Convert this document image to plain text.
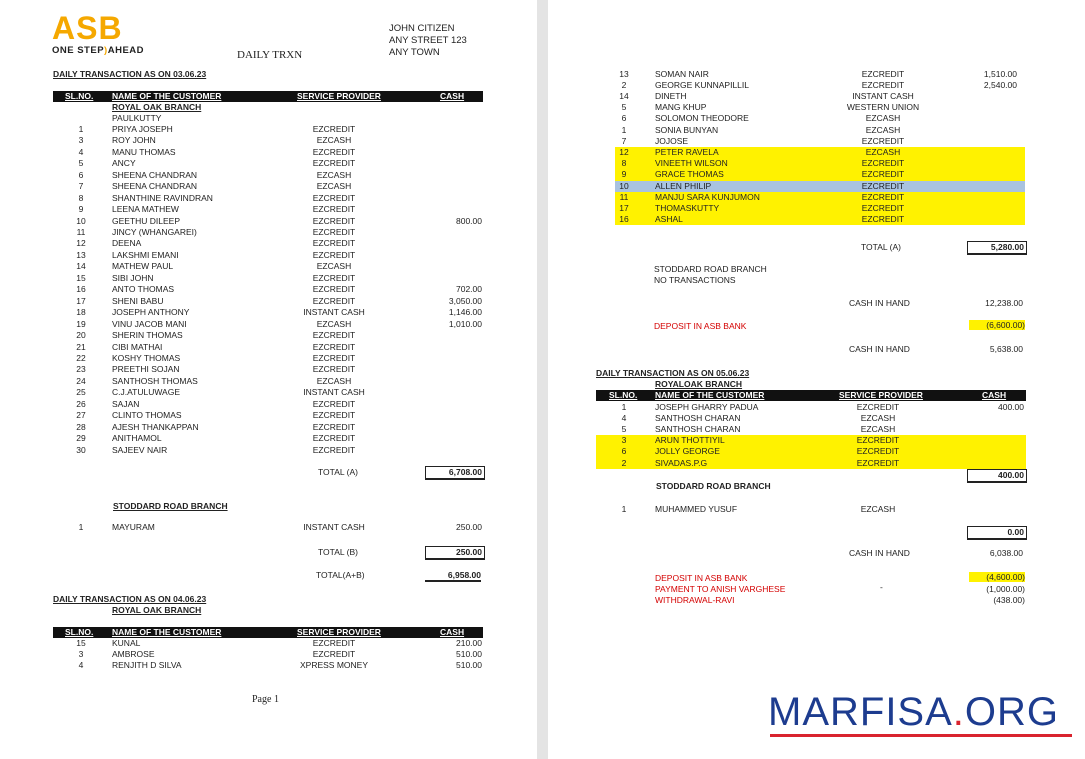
ASB
ONE STEP)AHEAD	DAILY TRXN
JOHN CITIZEN
ANY STREET 123
ANY TOWN
DAILY TRANSACTION AS ON 03.06.23
SL.NO. NAME OF THE CUSTOMER	SERVICE PROVIDER	CASH
ROYAL OAK BRANCH
PAULKUTTY
1	PRIYA JOSEPH	EZCREDIT
3	ROY JOHN	EZCASH
4	MANU THOMAS	EZCREDIT
5	ANCY	EZCREDIT
6	SHEENA CHANDRAN	EZCASH
7	SHEENA CHANDRAN	EZCASH
8	SHANTHINE RAVINDRAN	EZCREDIT
9	LEENA MATHEW	EZCREDIT
10	GEETHU DILEEP	EZCREDIT	800.00
11	JINCY (WHANGAREI)	EZCREDIT
12	DEENA	EZCREDIT
13	LAKSHMI EMANI	EZCREDIT
14	MATHEW PAUL	EZCASH
15	SIBI JOHN	EZCREDIT
16	ANTO THOMAS	EZCREDIT	702.00
17	SHENI BABU	EZCREDIT	3,050.00
18	JOSEPH ANTHONY	INSTANT CASH	1,146.00
19	VINU JACOB MANI	EZCASH	1,010.00
20	SHERIN THOMAS	EZCREDIT
21	CIBI MATHAI	EZCREDIT
22	KOSHY THOMAS	EZCREDIT
23	PREETHI SOJAN	EZCREDIT
24	SANTHOSH THOMAS	EZCASH
25	C.J.ATULUWAGE	INSTANT CASH
26	SAJAN	EZCREDIT
27	CLINTO THOMAS	EZCREDIT
28	AJESH THANKAPPAN	EZCREDIT
29	ANITHAMOL	EZCREDIT
30	SAJEEV NAIR	EZCREDIT
TOTAL (A)	6,708.00
STODDARD ROAD BRANCH
1	MAYURAM	INSTANT CASH	250.00
TOTAL (B)	250.00
TOTAL(A+B)	6,958.00
DAILY TRANSACTION AS ON 04.06.23
ROYAL OAK BRANCH
SL.NO. NAME OF THE CUSTOMER	SERVICE PROVIDER	CASH
15	KUNAL	EZCREDIT	210.00
3	AMBROSE	EZCREDIT	510.00
4	RENJITH D SILVA	XPRESS MONEY	510.00
Page 1
13	SOMAN NAIR	EZCREDIT	1,510.00
2	GEORGE KUNNAPILLIL	EZCREDIT	2,540.00
14	DINETH	INSTANT CASH
5	MANG KHUP	WESTERN UNION
6	SOLOMON THEODORE	EZCASH
1	SONIA BUNYAN	EZCASH
7	JOJOSE	EZCREDIT
12	PETER RAVELA	EZCASH
8	VINEETH WILSON	EZCREDIT
9	GRACE THOMAS	EZCREDIT
10	ALLEN PHILIP	EZCREDIT
11	MANJU SARA KUNJUMON	EZCREDIT
17	THOMASKUTTY	EZCREDIT
16	ASHAL	EZCREDIT
TOTAL (A)	5,280.00
STODDARD ROAD BRANCH
NO TRANSACTIONS
CASH IN HAND	12,238.00
DEPOSIT IN ASB BANK	(6,600.00)
CASH IN HAND	5,638.00
DAILY TRANSACTION AS ON 05.06.23
ROYALOAK BRANCH
SL.NO. NAME OF THE CUSTOMER	SERVICE PROVIDER	CASH
1	JOSEPH GHARRY PADUA	EZCREDIT	400.00
4	SANTHOSH CHARAN	EZCASH
5	SANTHOSH CHARAN	EZCASH
3	ARUN THOTTIYIL	EZCREDIT
6	JOLLY GEORGE	EZCREDIT
2	SIVADAS.P.G	EZCREDIT
400.00
STODDARD ROAD BRANCH
1	MUHAMMED YUSUF	EZCASH
0.00
CASH IN HAND	6,038.00
DEPOSIT IN ASB BANK	(4,600.00)
PAYMENT TO ANISH VARGHESE	-	(1,000.00)
WITHDRAWAL-RAVI	(438.00)
MARFISA.ORG
